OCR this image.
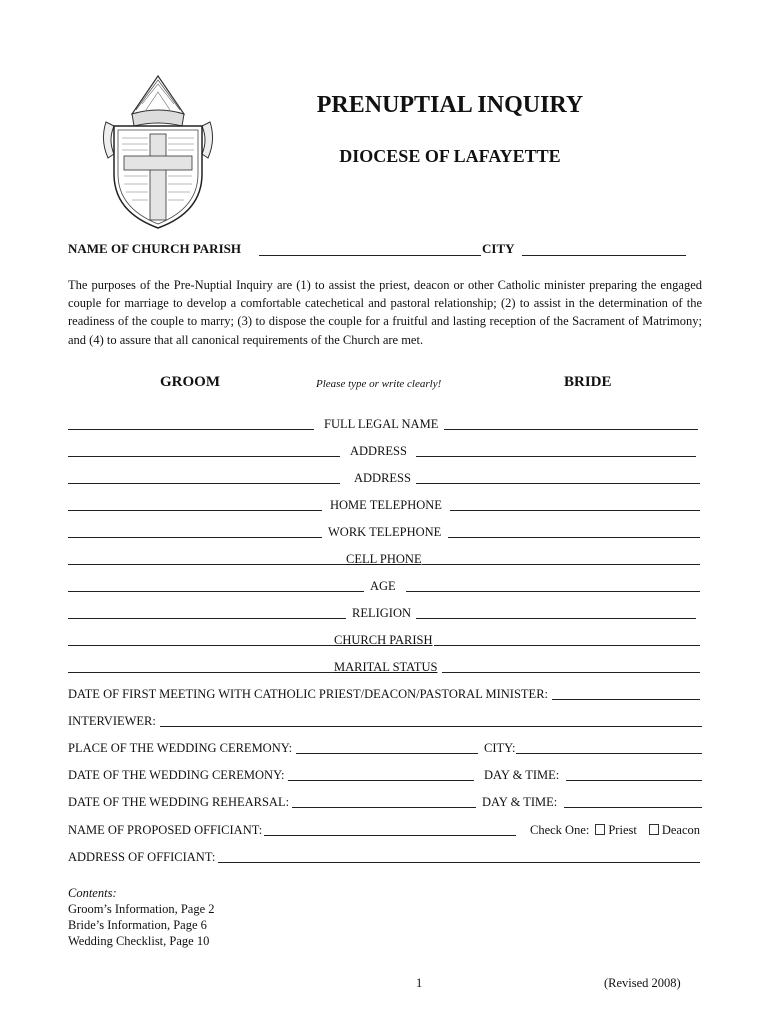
PRENUPTIAL INQUIRY
DIOCESE OF LAFAYETTE
NAME OF CHURCH PARISH	CITY
The purposes of the Pre-Nuptial Inquiry are (1) to assist the priest, deacon or other Catholic minister preparing the engaged couple for marriage to develop a comfortable catechetical and pastoral relationship; (2) to assist in the determination of the readiness of the couple to marry; (3) to dispose the couple for a fruitful and lasting reception of the Sacrament of Matrimony; and (4) to assure that all canonical requirements of the Church are met.
GROOM	Please type or write clearly!	BRIDE
FULL LEGAL NAME
ADDRESS
ADDRESS
HOME TELEPHONE
WORK TELEPHONE
CELL PHONE
AGE
RELIGION
CHURCH PARISH
MARITAL STATUS
DATE OF FIRST MEETING WITH CATHOLIC PRIEST/DEACON/PASTORAL MINISTER:
INTERVIEWER:
PLACE OF THE WEDDING CEREMONY:	CITY:
DATE OF THE WEDDING CEREMONY:	DAY & TIME:
DATE OF THE WEDDING REHEARSAL:	DAY & TIME:
NAME OF PROPOSED OFFICIANT:	Check One: Priest Deacon
ADDRESS OF OFFICIANT:
Contents:
Groom’s Information, Page 2
Bride’s Information, Page 6
Wedding Checklist, Page 10
1	(Revised 2008)
